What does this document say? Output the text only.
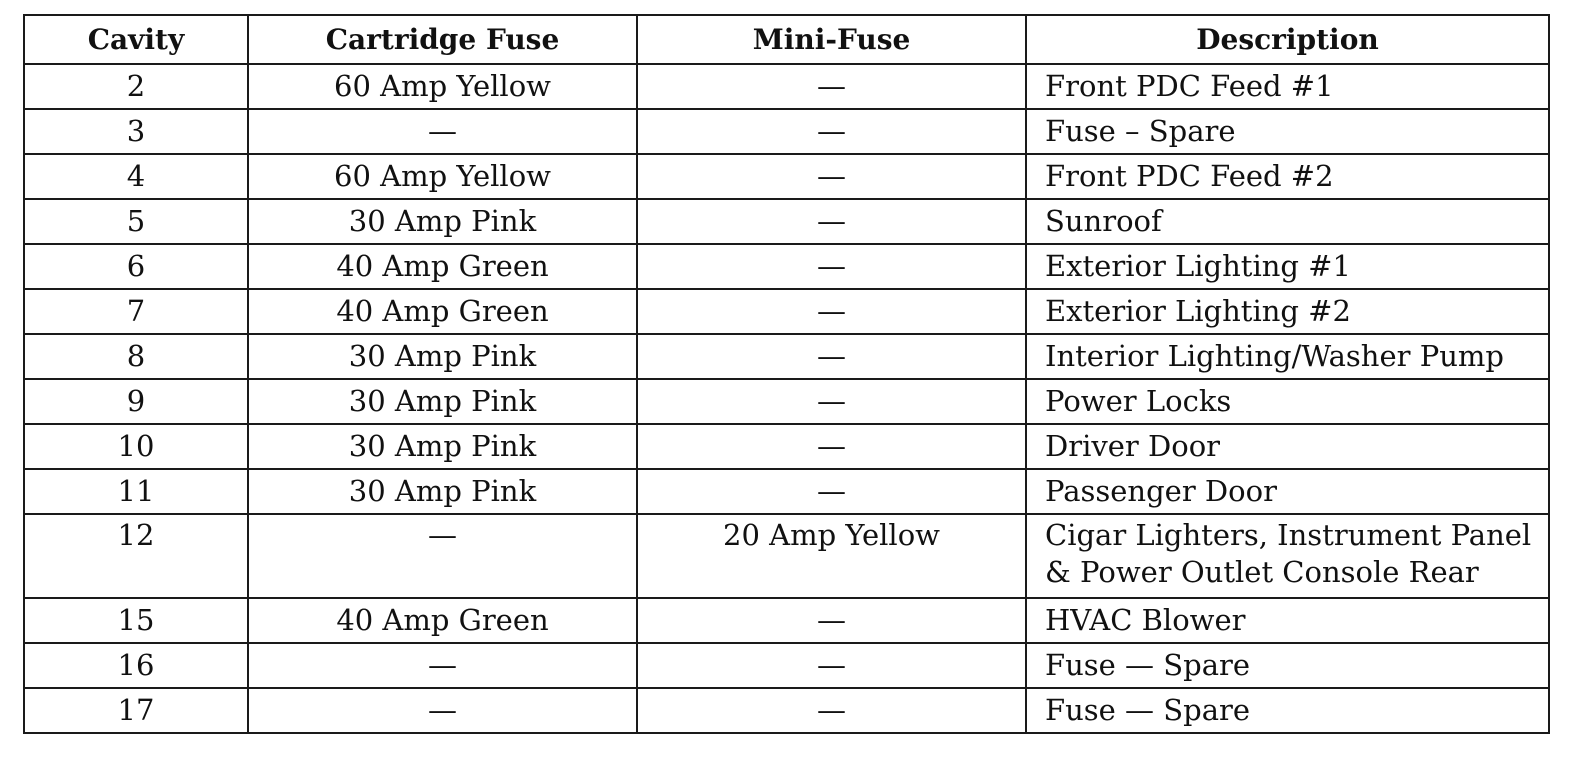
Cavity	Cartridge Fuse	Mini-Fuse	Description
2	60 Amp Yellow	—	Front PDC Feed #1
3	—	—	Fuse – Spare
4	60 Amp Yellow	—	Front PDC Feed #2
5	30 Amp Pink	—	Sunroof
6	40 Amp Green	—	Exterior Lighting #1
7	40 Amp Green	—	Exterior Lighting #2
8	30 Amp Pink	—	Interior Lighting/Washer Pump
9	30 Amp Pink	—	Power Locks
10	30 Amp Pink	—	Driver Door
11	30 Amp Pink	—	Passenger Door
12	—	20 Amp Yellow	Cigar Lighters, Instrument Panel & Power Outlet Console Rear
15	40 Amp Green	—	HVAC Blower
16	—	—	Fuse — Spare
17	—	—	Fuse — Spare
